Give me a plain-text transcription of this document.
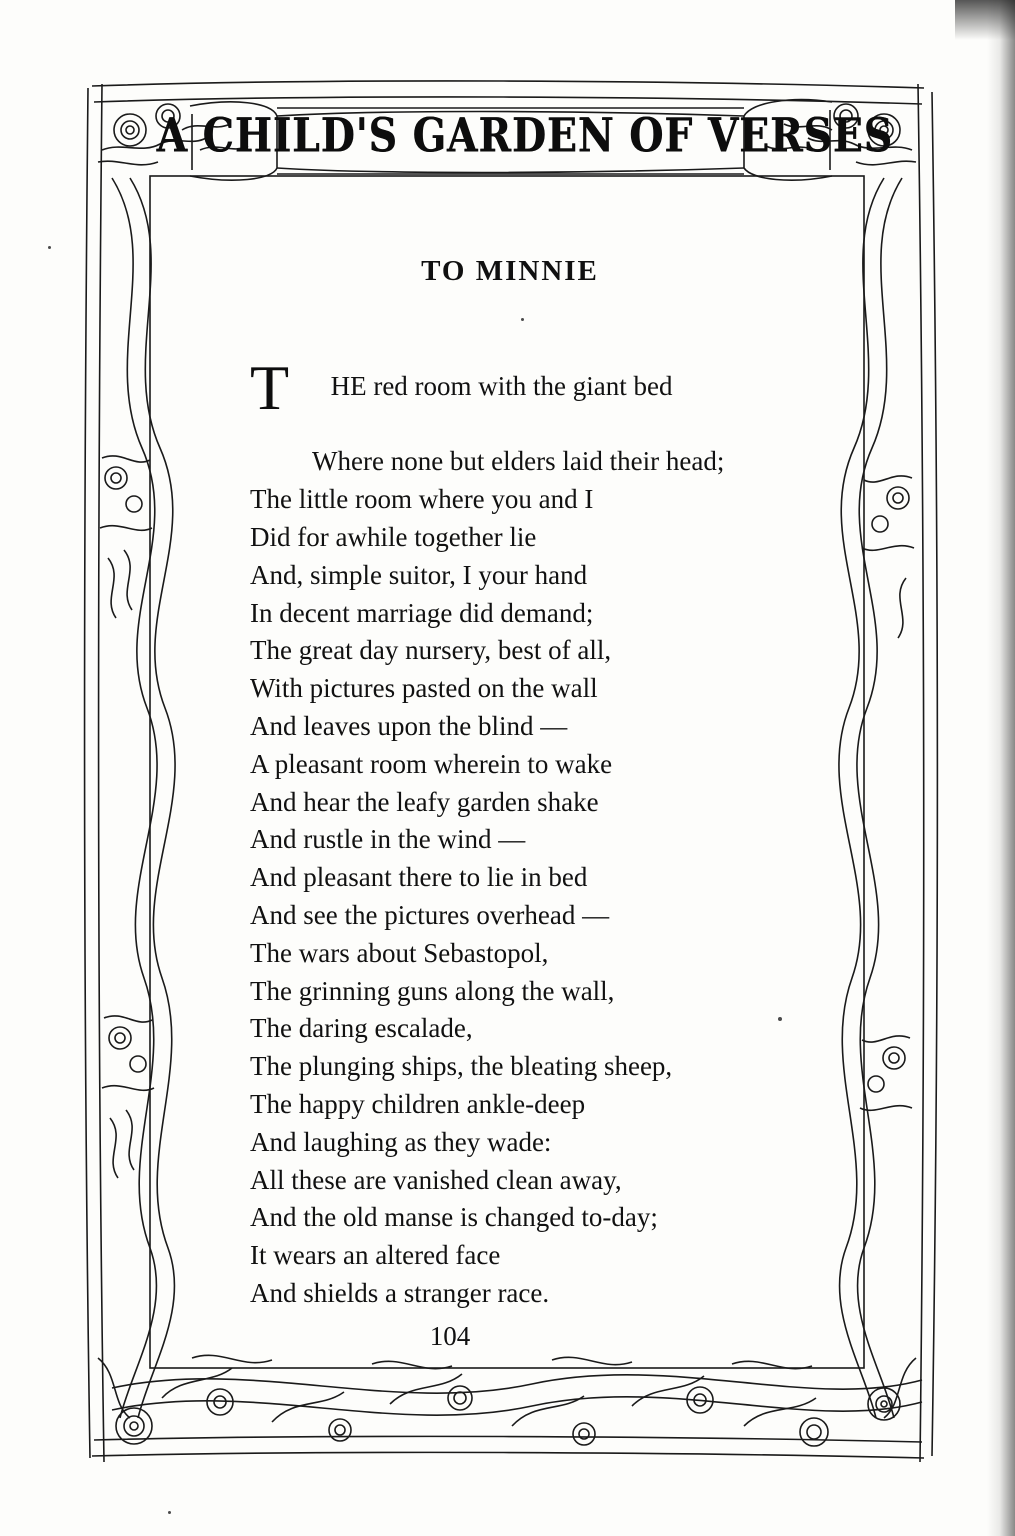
A CHILD'S GARDEN OF VERSES
TO MINNIE

T HE red room with the giant bed

Where none but elders laid their head;
The little room where you and I
Did for awhile together lie
And, simple suitor, I your hand
In decent marriage did demand;
The great day nursery, best of all,
With pictures pasted on the wall
And leaves upon the blind —
A pleasant room wherein to wake
And hear the leafy garden shake
And rustle in the wind —
And pleasant there to lie in bed
And see the pictures overhead —
The wars about Sebastopol,
The grinning guns along the wall,
The daring escalade,
The plunging ships, the bleating sheep,
The happy children ankle-deep
And laughing as they wade:
All these are vanished clean away,
And the old manse is changed to-day;
It wears an altered face
And shields a stranger race.
104
